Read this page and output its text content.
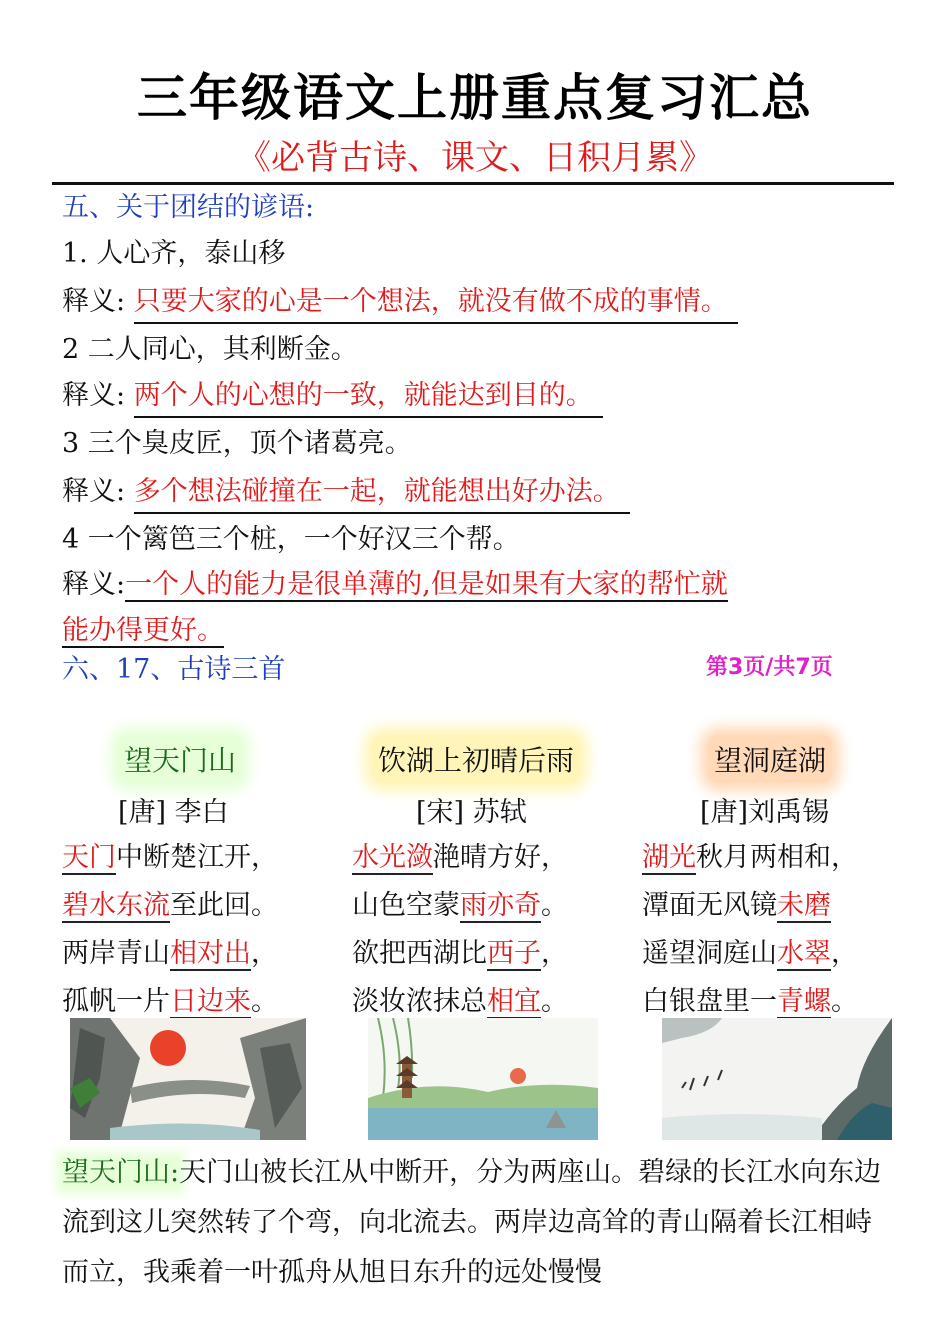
三年级语文上册重点复习汇总
《必背古诗、课文、日积月累》
五、关于团结的谚语:
1. 人心齐，泰山移
释义: 只要大家的心是一个想法，就没有做不成的事情。
2 二人同心，其利断金。
释义: 两个人的心想的一致，就能达到目的。
3 三个臭皮匠，顶个诸葛亮。
释义: 多个想法碰撞在一起，就能想出好办法。
4 一个篱笆三个桩，一个好汉三个帮。
释义:一个人的能力是很单薄的,但是如果有大家的帮忙就
能办得更好。
六、17、古诗三首	第3页/共7页
望天门山	饮湖上初晴后雨	望洞庭湖
[唐] 李白	[宋] 苏轼	[唐]刘禹锡
天门中断楚江开，
碧水东流至此回。
两岸青山相对出，
孤帆一片日边来。
水光潋滟晴方好，
山色空蒙雨亦奇。
欲把西湖比西子，
淡妆浓抹总相宜。
湖光秋月两相和，
潭面无风镜未磨
遥望洞庭山水翠，
白银盘里一青螺。
望天门山:天门山被长江从中断开，分为两座山。碧绿的长江水向东边流到这儿突然转了个弯，向北流去。两岸边高耸的青山隔着长江相峙而立，我乘着一叶孤舟从旭日东升的远处慢慢
